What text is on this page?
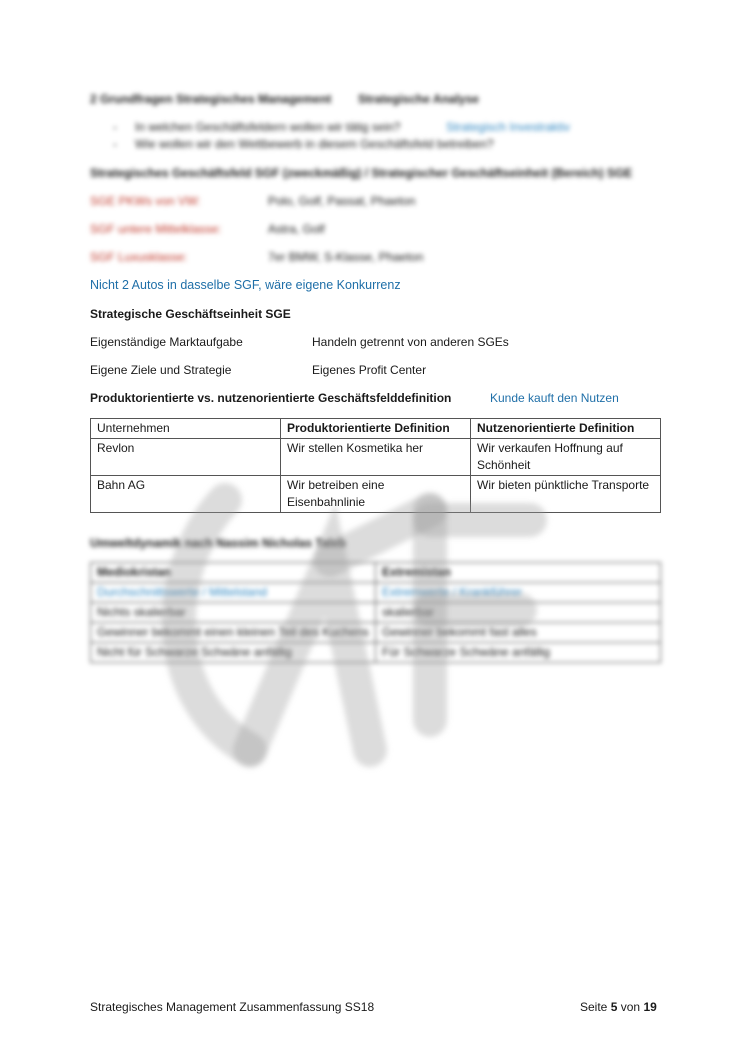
2 Grundfragen Strategisches Management Strategische Analyse
- In welchen Geschäftsfeldern wollen wir tätig sein?	Strategisch Investraktiv
- Wie wollen wir den Wettbewerb in diesem Geschäftsfeld betreiben?
Strategisches Geschäftsfeld SGF (zweckmäßig) / Strategischer Geschäftseinheit (Bereich) SGE
SGE PKWs von VW:	Polo, Golf, Passat, Phaeton
SGF untere Mittelklasse:	Astra, Golf
SGF Luxusklasse:	7er BMW, S-Klasse, Phaeton
Nicht 2 Autos in dasselbe SGF, wäre eigene Konkurrenz
Strategische Geschäftseinheit SGE
Eigenständige Marktaufgabe	Handeln getrennt von anderen SGEs
Eigene Ziele und Strategie	Eigenes Profit Center
Produktorientierte vs. nutzenorientierte Geschäftsfelddefinition	Kunde kauft den Nutzen
Unternehmen	Produktorientierte Definition	Nutzenorientierte Definition
Revlon	Wir stellen Kosmetika her	Wir verkaufen Hoffnung auf Schönheit
Bahn AG	Wir betreiben eine Eisenbahnlinie	Wir bieten pünktliche Transporte
Umweltdynamik nach Nassim Nicholas Taleb
Mediokristan	Extremistan
Durchschnittswerte / Mittelstand	Extremwerte / Krankführer
Nichts skalierbar	skalierbar
Gewinner bekommt einen kleinen Teil des Kuchens	Gewinner bekommt fast alles
Nicht für Schwarze Schwäne anfällig	Für Schwarze Schwäne anfällig
Strategisches Management Zusammenfassung SS18	Seite 5 von 19
